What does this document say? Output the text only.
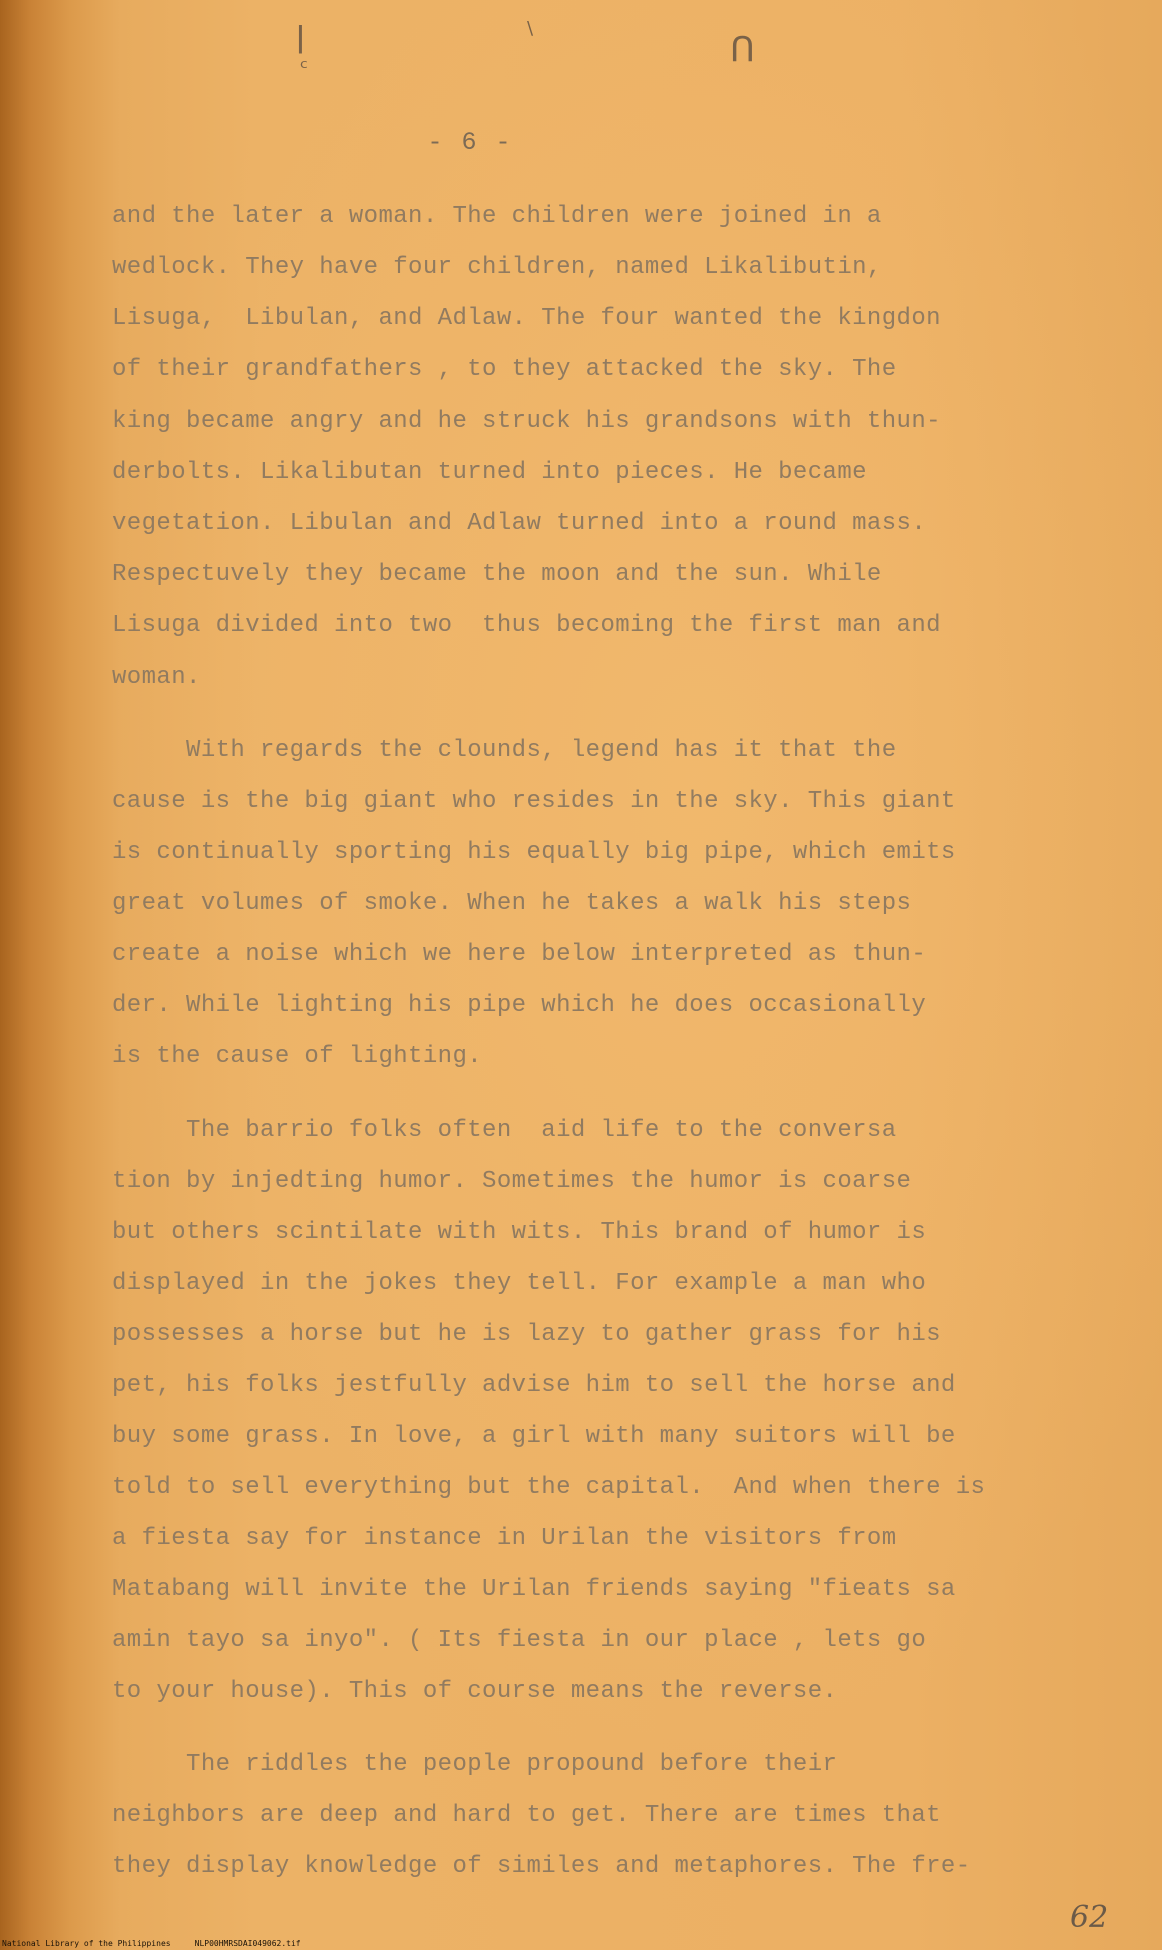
ǀ
ᶜ	ᑎ
\
- 6 -
and the later a woman. The children were joined in a
wedlock. They have four children, named Likalibutin,
Lisuga,  Libulan, and Adlaw. The four wanted the kingdon
of their grandfathers , to they attacked the sky. The
king became angry and he struck his grandsons with thun-
derbolts. Likalibutan turned into pieces. He became
vegetation. Libulan and Adlaw turned into a round mass.
Respectuvely they became the moon and the sun. While
Lisuga divided into two  thus becoming the first man and
woman.
With regards the clounds, legend has it that the
cause is the big giant who resides in the sky. This giant
is continually sporting his equally big pipe, which emits
great volumes of smoke. When he takes a walk his steps
create a noise which we here below interpreted as thun-
der. While lighting his pipe which he does occasionally
is the cause of lighting.
The barrio folks often  aid life to the conversa
tion by injedting humor. Sometimes the humor is coarse
but others scintilate with wits. This brand of humor is
displayed in the jokes they tell. For example a man who
possesses a horse but he is lazy to gather grass for his
pet, his folks jestfully advise him to sell the horse and
buy some grass. In love, a girl with many suitors will be
told to sell everything but the capital.  And when there is
a fiesta say for instance in Urilan the visitors from
Matabang will invite the Urilan friends saying "fieats sa
amin tayo sa inyo". ( Its fiesta in our place , lets go
to your house). This of course means the reverse.
The riddles the people propound before their
neighbors are deep and hard to get. There are times that
they display knowledge of similes and metaphores. The fre-
62
National Library of the Philippines     NLP00HMRSDAI049062.tif
